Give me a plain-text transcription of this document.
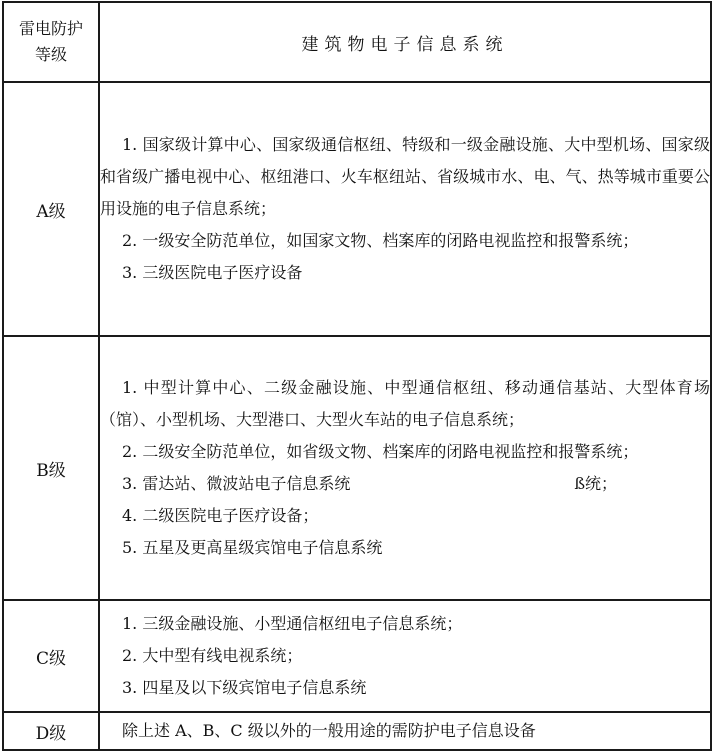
雷电防护
等级	建筑物电子信息系统
A级	1. 国家级计算中心、国家级通信枢纽、特级和一级金融设施、大中型机场、国家级和省级广播电视中心、枢纽港口、火车枢纽站、省级城市水、电、气、热等城市重要公用设施的电子信息系统；

2. 一级安全防范单位，如国家文物、档案库的闭路电视监控和报警系统；

3. 三级医院电子医疗设备

B级	1. 中型计算中心、二级金融设施、中型通信枢纽、移动通信基站、大型体育场（馆）、小型机场、大型港口、大型火车站的电子信息系统；

2. 二级安全防范单位，如省级文物、档案库的闭路电视监控和报警系统；

3. 雷达站、微波站电子信息系统　　　　　　　　　　　　　　ß统；

4. 二级医院电子医疗设备；

5. 五星及更高星级宾馆电子信息系统

C级	1. 三级金融设施、小型通信枢纽电子信息系统；

2. 大中型有线电视系统；

3. 四星及以下级宾馆电子信息系统

D级	除上述 A、B、C 级以外的一般用途的需防护电子信息设备
